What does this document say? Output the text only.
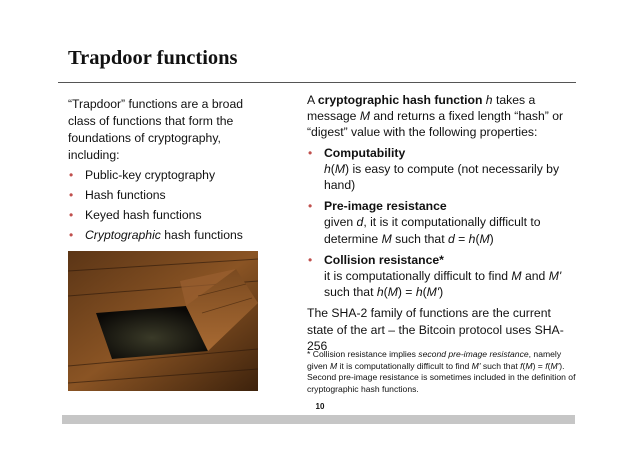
Trapdoor functions

“Trapdoor” functions are a broad class of functions that form the foundations of cryptography, including:

• Public-key cryptography
• Hash functions
• Keyed hash functions
• Cryptographic hash functions

A cryptographic hash function h takes a message M and returns a fixed length “hash” or “digest” value with the following properties:

• Computability
h(M) is easy to compute (not necessarily by hand)
• Pre-image resistance
given d, it is it computationally difficult to determine M such that d = h(M)
• Collision resistance*
it is computationally difficult to find M and M' such that h(M) = h(M')

The SHA-2 family of functions are the current state of the art – the Bitcoin protocol uses SHA-256

* Collision resistance implies second pre-image resistance, namely given M it is computationally difficult to find M' such that f(M) = f(M'). Second pre-image resistance is sometimes included in the definition of cryptographic hash functions.
10
